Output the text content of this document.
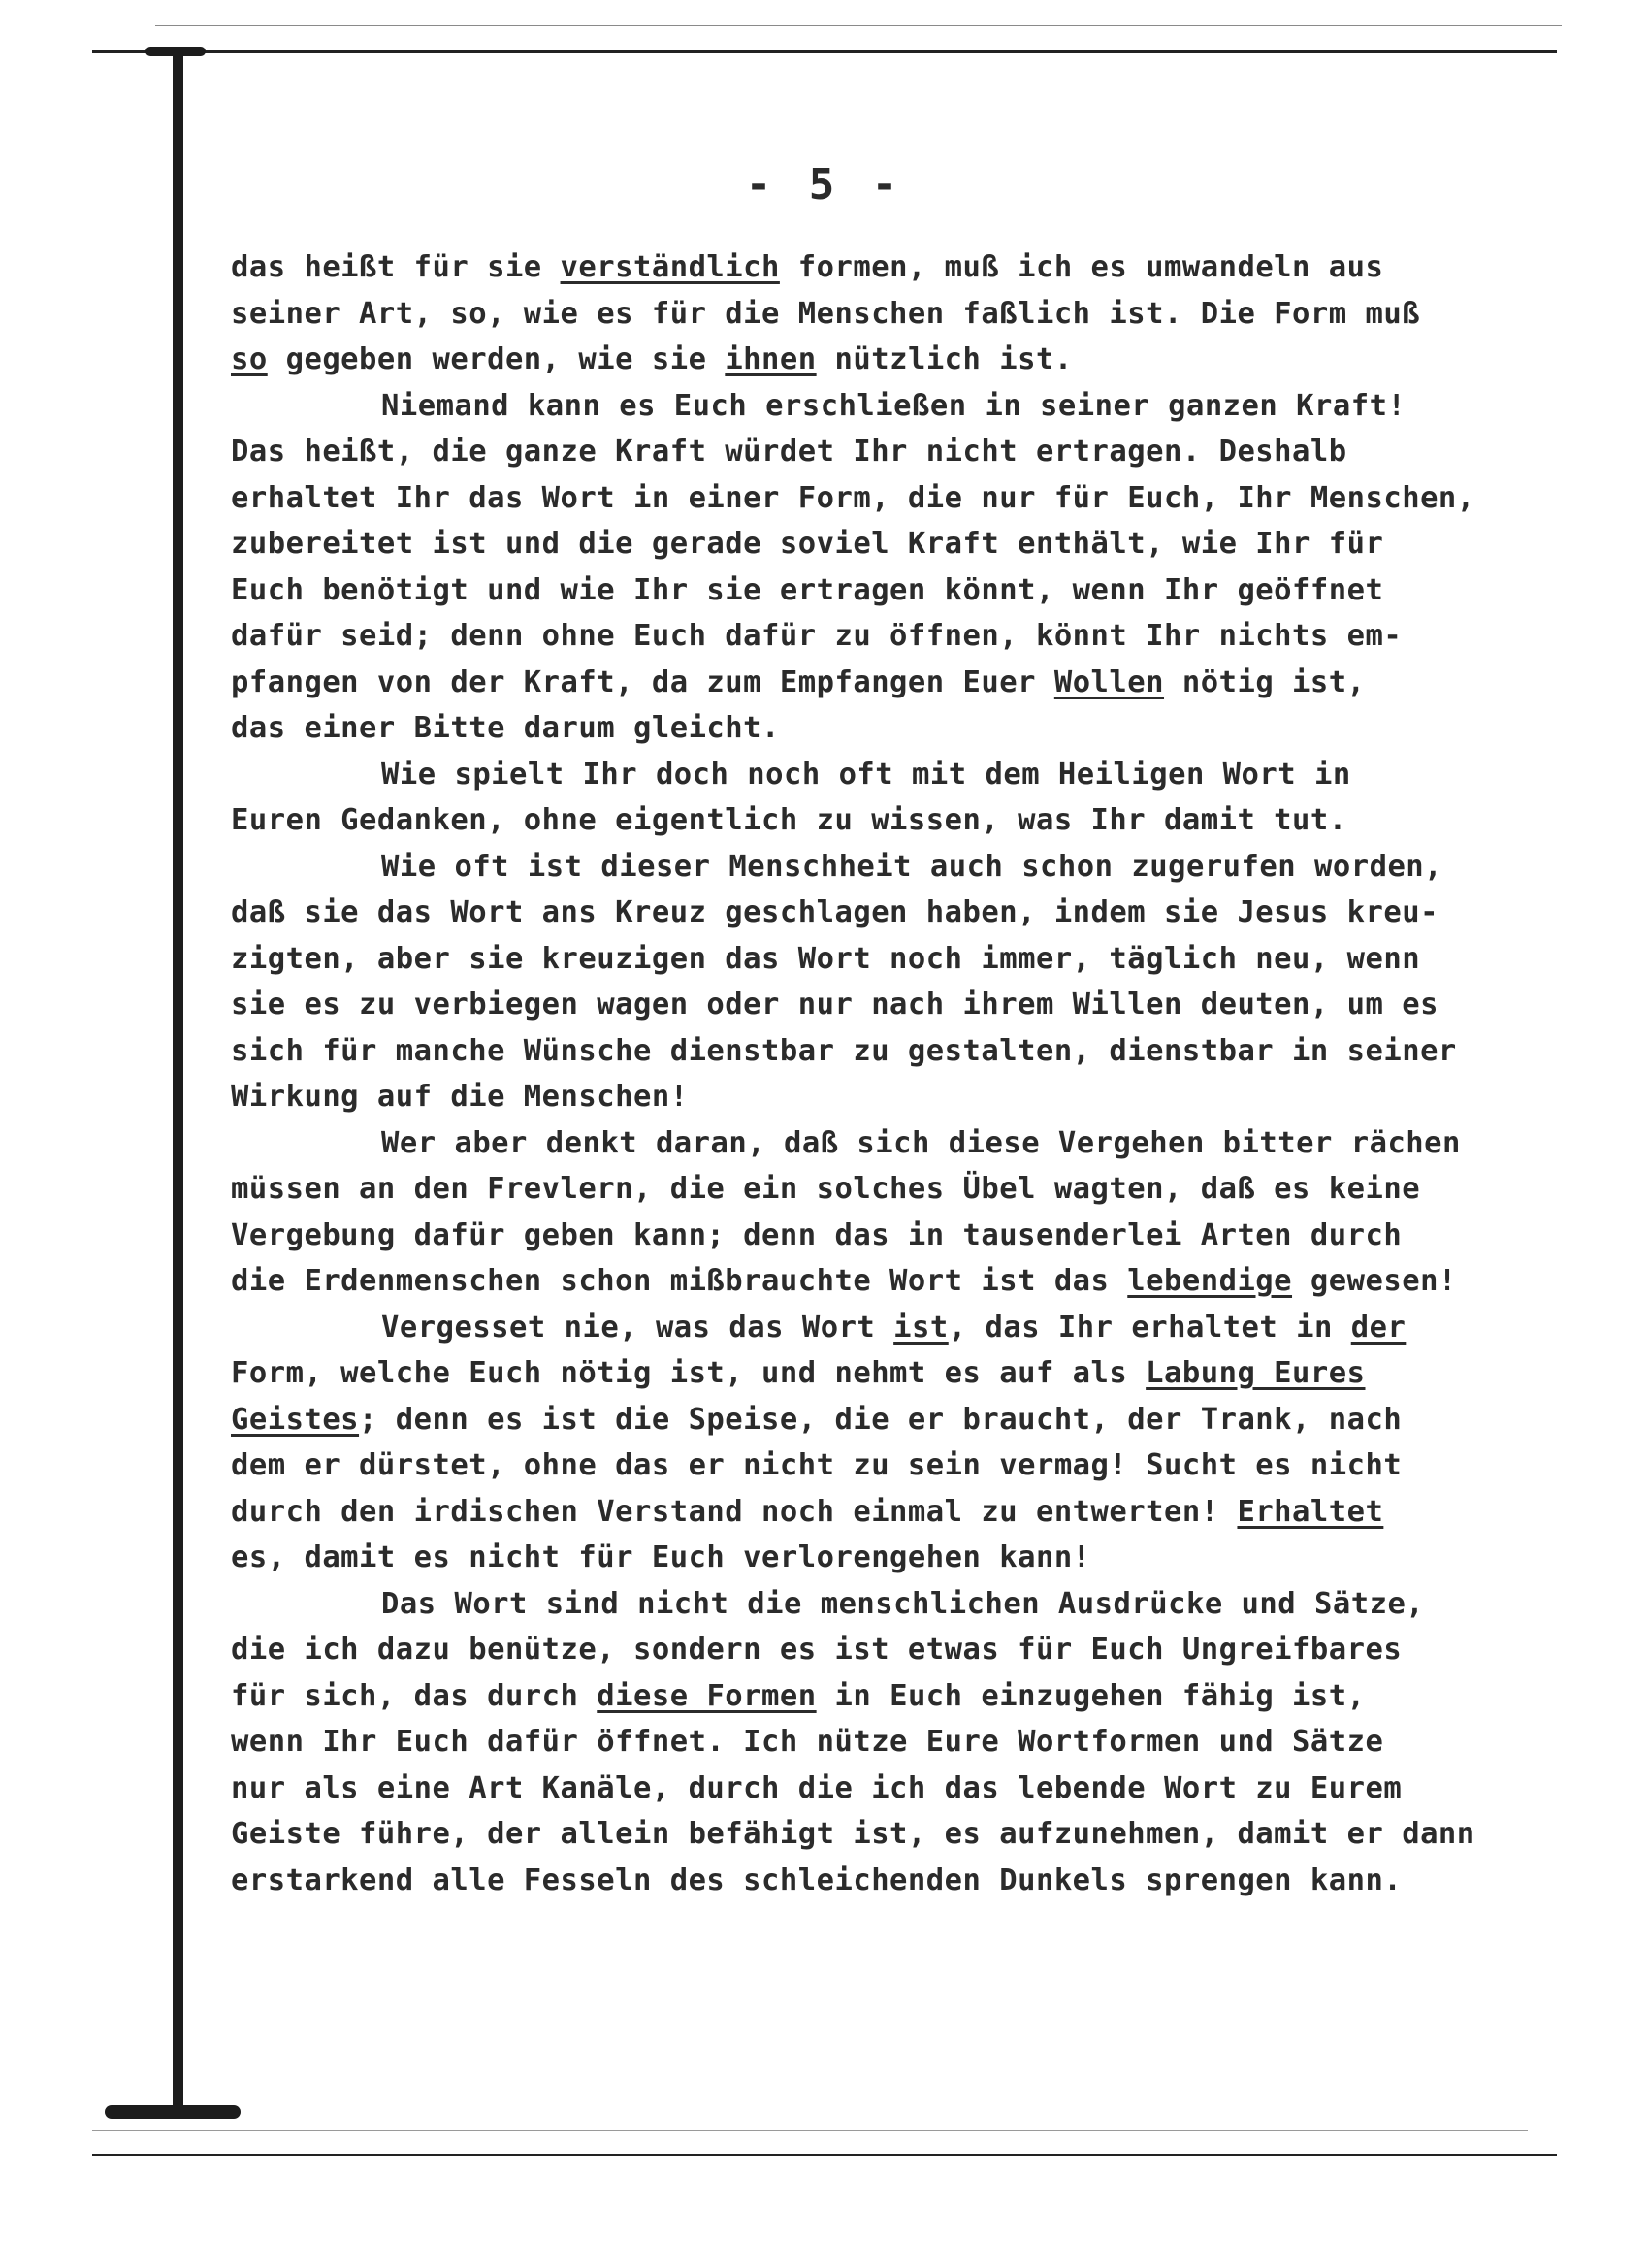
- 5 -
das heißt für sie verständlich formen, muß ich es umwandeln aus
seiner Art, so, wie es für die Menschen faßlich ist. Die Form muß
so gegeben werden, wie sie ihnen nützlich ist.
Niemand kann es Euch erschließen in seiner ganzen Kraft!
Das heißt, die ganze Kraft würdet Ihr nicht ertragen. Deshalb
erhaltet Ihr das Wort in einer Form, die nur für Euch, Ihr Menschen,
zubereitet ist und die gerade soviel Kraft enthält, wie Ihr für
Euch benötigt und wie Ihr sie ertragen könnt, wenn Ihr geöffnet
dafür seid; denn ohne Euch dafür zu öffnen, könnt Ihr nichts em-
pfangen von der Kraft, da zum Empfangen Euer Wollen nötig ist,
das einer Bitte darum gleicht.
Wie spielt Ihr doch noch oft mit dem Heiligen Wort in
Euren Gedanken, ohne eigentlich zu wissen, was Ihr damit tut.
Wie oft ist dieser Menschheit auch schon zugerufen worden,
daß sie das Wort ans Kreuz geschlagen haben, indem sie Jesus kreu-
zigten, aber sie kreuzigen das Wort noch immer, täglich neu, wenn
sie es zu verbiegen wagen oder nur nach ihrem Willen deuten, um es
sich für manche Wünsche dienstbar zu gestalten, dienstbar in seiner
Wirkung auf die Menschen!
Wer aber denkt daran, daß sich diese Vergehen bitter rächen
müssen an den Frevlern, die ein solches Übel wagten, daß es keine
Vergebung dafür geben kann; denn das in tausenderlei Arten durch
die Erdenmenschen schon mißbrauchte Wort ist das lebendige gewesen!
Vergesset nie, was das Wort ist, das Ihr erhaltet in der
Form, welche Euch nötig ist, und nehmt es auf als Labung Eures
Geistes; denn es ist die Speise, die er braucht, der Trank, nach
dem er dürstet, ohne das er nicht zu sein vermag! Sucht es nicht
durch den irdischen Verstand noch einmal zu entwerten! Erhaltet
es, damit es nicht für Euch verlorengehen kann!
Das Wort sind nicht die menschlichen Ausdrücke und Sätze,
die ich dazu benütze, sondern es ist etwas für Euch Ungreifbares
für sich, das durch diese Formen in Euch einzugehen fähig ist,
wenn Ihr Euch dafür öffnet. Ich nütze Eure Wortformen und Sätze
nur als eine Art Kanäle, durch die ich das lebende Wort zu Eurem
Geiste führe, der allein befähigt ist, es aufzunehmen, damit er dann
erstarkend alle Fesseln des schleichenden Dunkels sprengen kann.
